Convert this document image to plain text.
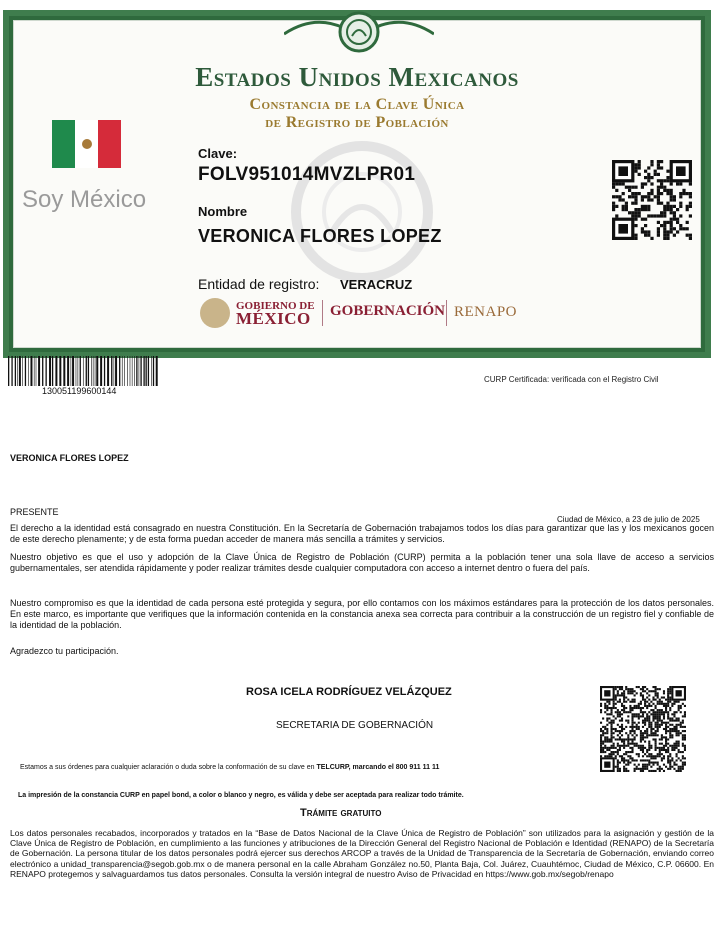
Estados Unidos Mexicanos
Constancia de la Clave Única
de Registro de Población
Soy México
Clave:
FOLV951014MVZLPR01
Nombre
VERONICA FLORES LOPEZ
Entidad de registro: VERACRUZ
GOBIERNO DE
MÉXICO GOBERNACIÓN RENAPO
130051199600144
CURP Certificada: verificada con el Registro Civil
VERONICA FLORES LOPEZ
PRESENTE
Ciudad de México, a 23 de julio de 2025
El derecho a la identidad está consagrado en nuestra Constitución. En la Secretaría de Gobernación trabajamos todos los días para garantizar que las y los mexicanos gocen de este derecho plenamente; y de esta forma puedan acceder de manera más sencilla a trámites y servicios.
Nuestro objetivo es que el uso y adopción de la Clave Única de Registro de Población (CURP) permita a la población tener una sola llave de acceso a servicios gubernamentales, ser atendida rápidamente y poder realizar trámites desde cualquier computadora con acceso a internet dentro o fuera del país.
Nuestro compromiso es que la identidad de cada persona esté protegida y segura, por ello contamos con los máximos estándares para la protección de los datos personales. En este marco, es importante que verifiques que la información contenida en la constancia anexa sea correcta para contribuir a la construcción de un registro fiel y confiable de la identidad de la población.
Agradezco tu participación.
ROSA ICELA RODRÍGUEZ VELÁZQUEZ
SECRETARIA DE GOBERNACIÓN
Estamos a sus órdenes para cualquier aclaración o duda sobre la conformación de su clave en TELCURP, marcando el 800 911 11 11
La impresión de la constancia CURP en papel bond, a color o blanco y negro, es válida y debe ser aceptada para realizar todo trámite.
Trámite gratuito
Los datos personales recabados, incorporados y tratados en la “Base de Datos Nacional de la Clave Única de Registro de Población” son utilizados para la asignación y gestión de la Clave Única de Registro de Población, en cumplimiento a las funciones y atribuciones de la Dirección General del Registro Nacional de Población e Identidad (RENAPO) de la Secretaría de Gobernación. La persona titular de los datos personales podrá ejercer sus derechos ARCOP a través de la Unidad de Transparencia de la Secretaría de Gobernación, enviando correo electrónico a unidad_transparencia@segob.gob.mx o de manera personal en la calle Abraham González no.50, Planta Baja, Col. Juárez, Cuauhtémoc, Ciudad de México, C.P. 06600. En RENAPO protegemos y salvaguardamos tus datos personales. Consulta la versión integral de nuestro Aviso de Privacidad en https://www.gob.mx/segob/renapo
